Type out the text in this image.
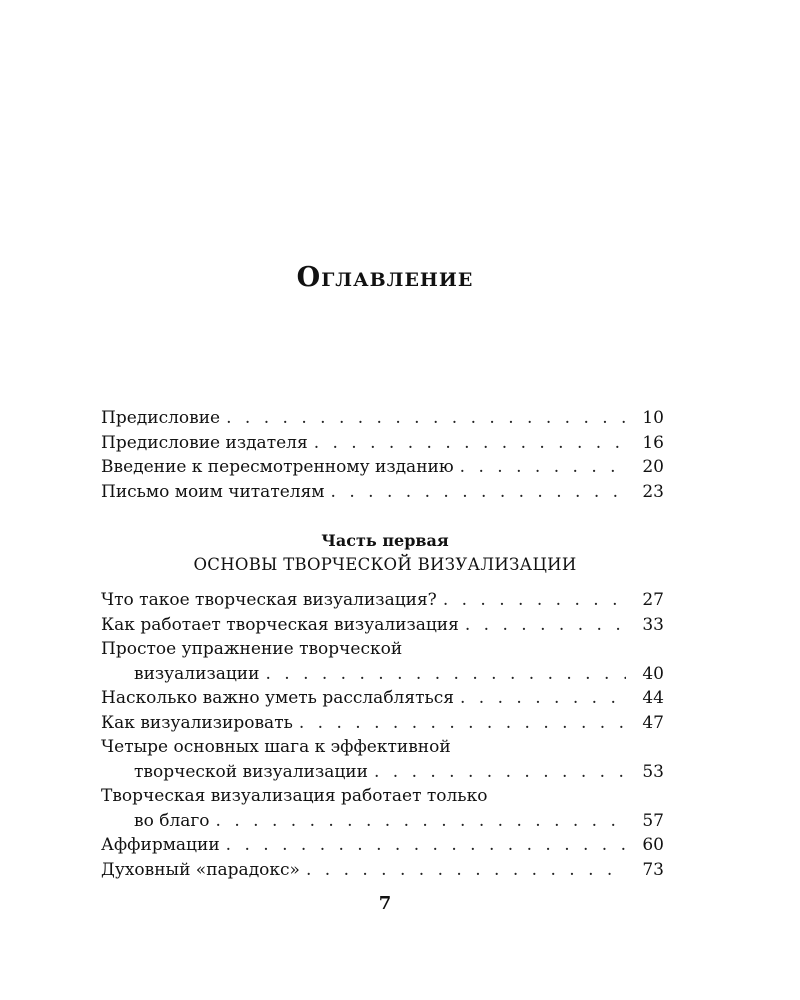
Оглавление
Предисловие . . .	10
Предисловие издателя . . .	16
Введение к пересмотренному изданию . . .	20
Письмо моим читателям . . .	23
Часть первая
ОСНОВЫ ТВОРЧЕСКОЙ ВИЗУАЛИЗАЦИИ
Что такое творческая визуализация? . . .	27
Как работает творческая визуализация . . .	33
Простое упражнение творческой
визуализации . . .	40
Насколько важно уметь расслабляться . . .	44
Как визуализировать . . .	47
Четыре основных шага к эффективной
творческой визуализации . . .	53
Творческая визуализация работает только
во благо . . .	57
Аффирмации . . .	60
Духовный «парадокс» . . .	73
7
